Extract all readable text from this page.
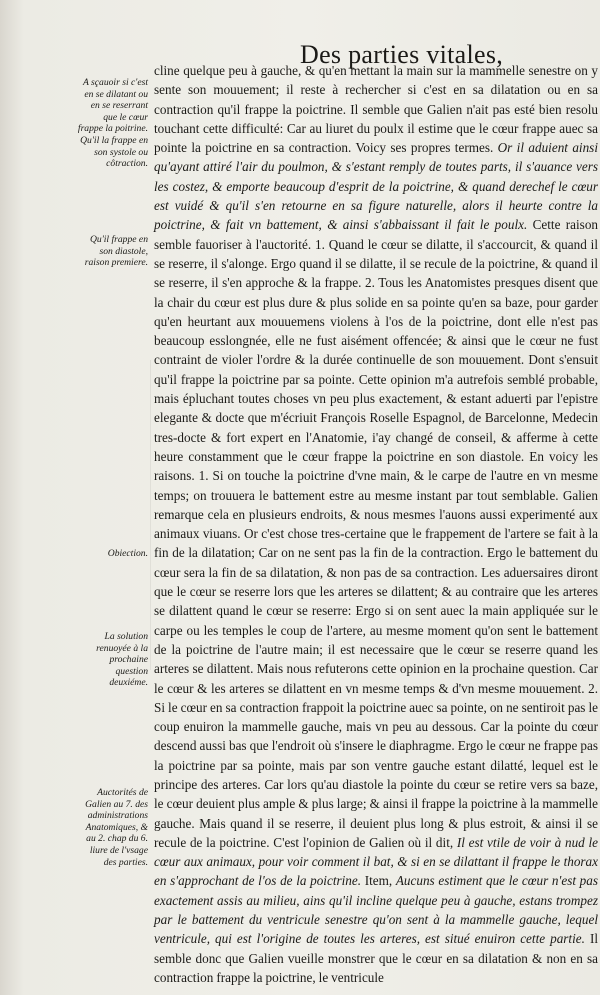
Des parties vitales,
A sçauoir si c'est en se dilatant ou en se reserrant que le cœur frappe la poitrine. Qu'il la frappe en son systole ou côtraction.
Qu'il frappe en son diastole, raison premiere.
Obiection.
La solution renuoyée à la prochaine question deuxiéme.
Auctorités de Galien au 7. des administrations Anatomiques, & au 2. chap du 6. liure de l'vsage des parties.
cline quelque peu à gauche, & qu'en mettant la main sur la mammelle senestre on y sente son mouuement; il reste à rechercher si c'est en sa dilatation ou en sa contraction qu'il frappe la poictrine. Il semble que Galien n'ait pas esté bien resolu touchant cette difficulté: Car au liuret du poulx il estime que le cœur frappe auec sa pointe la poictrine en sa contraction. Voicy ses propres termes. Or il aduient ainsi qu'ayant attiré l'air du poulmon, & s'estant remply de toutes parts, il s'auance vers les costez, & emporte beaucoup d'esprit de la poictrine, & quand derechef le cœur est vuidé & qu'il s'en retourne en sa figure naturelle, alors il heurte contre la poictrine, & fait vn battement, & ainsi s'abbaissant il fait le poulx. Cette raison semble fauoriser à l'auctorité. 1. Quand le cœur se dilatte, il s'accourcit, & quand il se reserre, il s'alonge. Ergo quand il se dilatte, il se recule de la poictrine, & quand il se reserre, il s'en approche & la frappe. 2. Tous les Anatomistes presques disent que la chair du cœur est plus dure & plus solide en sa pointe qu'en sa baze, pour garder qu'en heurtant aux mouuemens violens à l'os de la poictrine, dont elle n'est pas beaucoup esslongnée, elle ne fust aisément offencée; & ainsi que le cœur ne fust contraint de violer l'ordre & la durée continuelle de son mouuement. Dont s'ensuit qu'il frappe la poictrine par sa pointe. Cette opinion m'a autrefois semblé probable, mais épluchant toutes choses vn peu plus exactement, & estant aduerti par l'epistre elegante & docte que m'écriuit François Roselle Espagnol, de Barcelonne, Medecin tres-docte & fort expert en l'Anatomie, i'ay changé de conseil, & afferme à cette heure constamment que le cœur frappe la poictrine en son diastole. En voicy les raisons. 1. Si on touche la poictrine d'vne main, & le carpe de l'autre en vn mesme temps; on trouuera le battement estre au mesme instant par tout semblable. Galien remarque cela en plusieurs endroits, & nous mesmes l'auons aussi experimenté aux animaux viuans. Or c'est chose tres-certaine que le frappement de l'artere se fait à la fin de la dilatation; Car on ne sent pas la fin de la contraction. Ergo le battement du cœur sera la fin de sa dilatation, & non pas de sa contraction. Les aduersaires diront que le cœur se reserre lors que les arteres se dilattent; & au contraire que les arteres se dilattent quand le cœur se reserre: Ergo si on sent auec la main appliquée sur le carpe ou les temples le coup de l'artere, au mesme moment qu'on sent le battement de la poictrine de l'autre main; il est necessaire que le cœur se reserre quand les arteres se dilattent. Mais nous refuterons cette opinion en la prochaine question. Car le cœur & les arteres se dilattent en vn mesme temps & d'vn mesme mouuement. 2. Si le cœur en sa contraction frappoit la poictrine auec sa pointe, on ne sentiroit pas le coup enuiron la mammelle gauche, mais vn peu au dessous. Car la pointe du cœur descend aussi bas que l'endroit où s'insere le diaphragme. Ergo le cœur ne frappe pas la poictrine par sa pointe, mais par son ventre gauche estant dilatté, lequel est le principe des arteres. Car lors qu'au diastole la pointe du cœur se retire vers sa baze, le cœur deuient plus ample & plus large; & ainsi il frappe la poictrine à la mammelle gauche. Mais quand il se reserre, il deuient plus long & plus estroit, & ainsi il se recule de la poictrine. C'est l'opinion de Galien où il dit, Il est vtile de voir à nud le cœur aux animaux, pour voir comment il bat, & si en se dilattant il frappe le thorax en s'approchant de l'os de la poictrine. Item, Aucuns estiment que le cœur n'est pas exactement assis au milieu, ains qu'il incline quelque peu à gauche, estans trompez par le battement du ventricule senestre qu'on sent à la mammelle gauche, lequel ventricule, qui est l'origine de toutes les arteres, est situé enuiron cette partie. Il semble donc que Galien vueille monstrer que le cœur en sa dilatation & non en sa contraction frappe la poictrine, le ventricule
